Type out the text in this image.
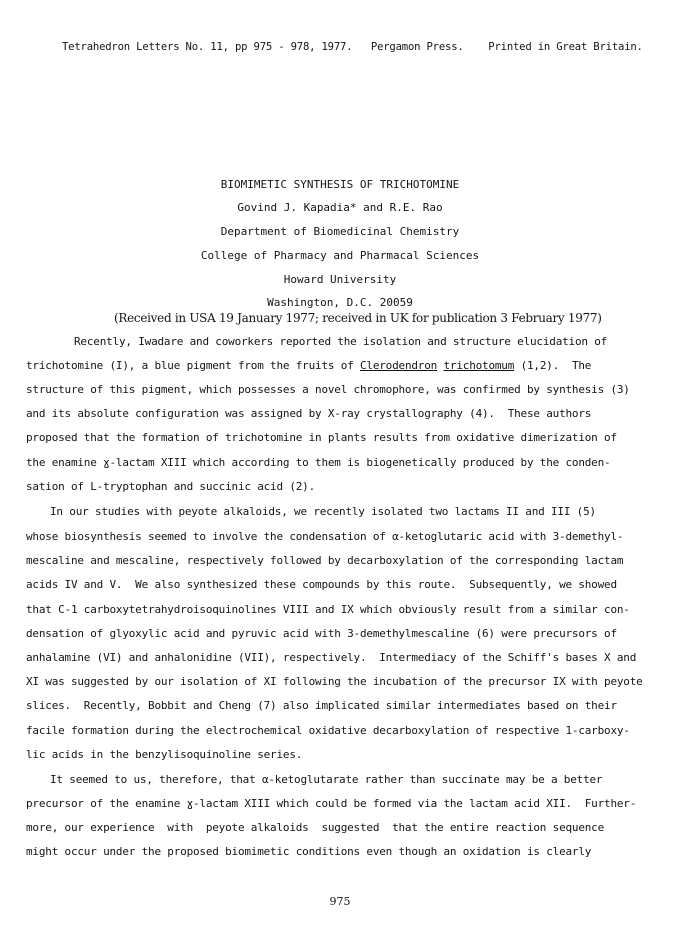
Tetrahedron Letters No. 11, pp 975 - 978, 1977.   Pergamon Press.    Printed in Great Britain.
BIOMIMETIC SYNTHESIS OF TRICHOTOMINE
Govind J. Kapadia* and R.E. Rao
Department of Biomedicinal Chemistry
College of Pharmacy and Pharmacal Sciences
Howard University
Washington, D.C. 20059
(Received in USA 19 January 1977; received in UK for publication 3 February 1977)
Recently, Iwadare and coworkers reported the isolation and structure elucidation of
trichotomine (I), a blue pigment from the fruits of Clerodendron trichotomum (1,2).  The
structure of this pigment, which possesses a novel chromophore, was confirmed by synthesis (3)
and its absolute configuration was assigned by X-ray crystallography (4).  These authors
proposed that the formation of trichotomine in plants results from oxidative dimerization of
the enamine ɣ-lactam XIII which according to them is biogenetically produced by the conden-
sation of L-tryptophan and succinic acid (2).
In our studies with peyote alkaloids, we recently isolated two lactams II and III (5)
whose biosynthesis seemed to involve the condensation of α-ketoglutaric acid with 3-demethyl-
mescaline and mescaline, respectively followed by decarboxylation of the corresponding lactam
acids IV and V.  We also synthesized these compounds by this route.  Subsequently, we showed
that C-1 carboxytetrahydroisoquinolines VIII and IX which obviously result from a similar con-
densation of glyoxylic acid and pyruvic acid with 3-demethylmescaline (6) were precursors of
anhalamine (VI) and anhalonidine (VII), respectively.  Intermediacy of the Schiff's bases X and
XI was suggested by our isolation of XI following the incubation of the precursor IX with peyote
slices.  Recently, Bobbit and Cheng (7) also implicated similar intermediates based on their
facile formation during the electrochemical oxidative decarboxylation of respective 1-carboxy-
lic acids in the benzylisoquinoline series.
It seemed to us, therefore, that α-ketoglutarate rather than succinate may be a better
precursor of the enamine ɣ-lactam XIII which could be formed via the lactam acid XII.  Further-
more, our experience  with  peyote alkaloids  suggested  that the entire reaction sequence
might occur under the proposed biomimetic conditions even though an oxidation is clearly
975
